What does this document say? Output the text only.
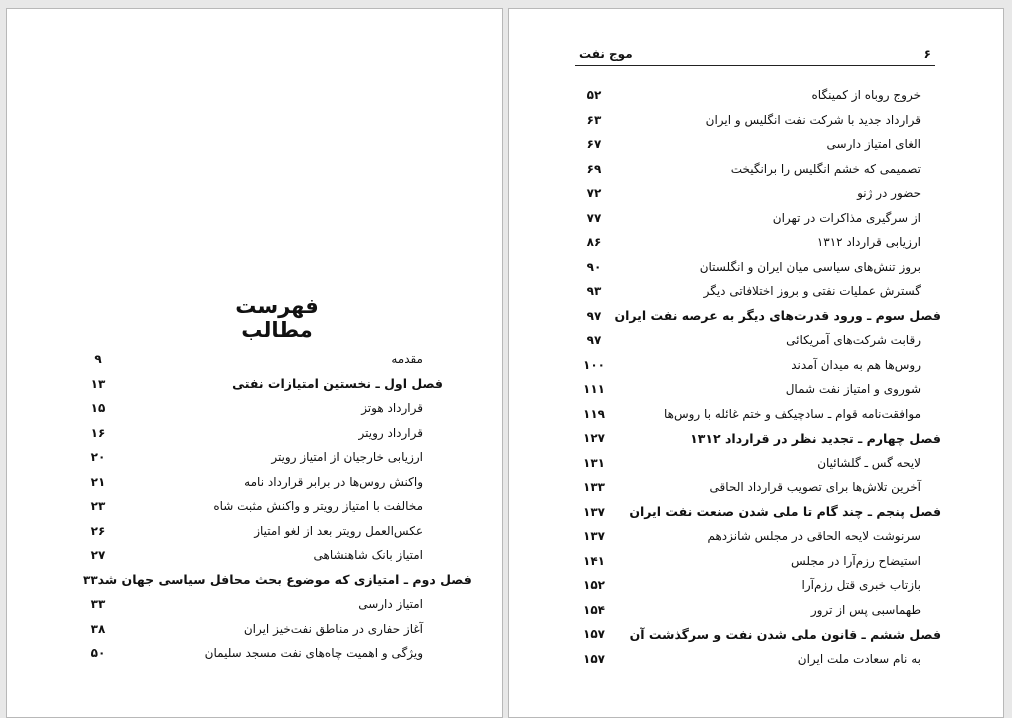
فهرست مطالب
۹	مقدمه
۱۳	فصل اول ـ نخستین امتیازات نفتی
۱۵	قرارداد هوتز
۱۶	قرارداد رویتر
۲۰	ارزیابی خارجیان از امتیاز رویتر
۲۱	واکنش روس‌ها در برابر قرارداد نامه
۲۳	مخالفت با امتیاز رویتر و واکنش مثبت شاه
۲۶	عکس‌العمل رویتر بعد از لغو امتیاز
۲۷	امتیاز بانک شاهنشاهی
۳۳ فصل دوم ـ امتیازی که موضوع بحث محافل سیاسی جهان شد
۳۳	امتیاز دارسی
۳۸	آغاز حفاری در مناطق نفت‌خیز ایران
۵۰	ویژگی و اهمیت چاه‌های نفت مسجد سلیمان
موج نفت	۶
۵۲	خروج روباه از کمینگاه
۶۳	قرارداد جدید با شرکت نفت انگلیس و ایران
۶۷	الغای امتیاز دارسی
۶۹	تصمیمی که خشم انگلیس را برانگیخت
۷۲	حضور در ژنو
۷۷	از سرگیری مذاکرات در تهران
۸۶	ارزیابی قرارداد ۱۳۱۲
۹۰	بروز تنش‌های سیاسی میان ایران و انگلستان
۹۳	گسترش عملیات نفتی و بروز اختلافاتی دیگر
۹۷	فصل سوم ـ ورود قدرت‌های دیگر به عرصه نفت ایران
۹۷	رقابت شرکت‌های آمریکائی
۱۰۰	روس‌ها هم به میدان آمدند
۱۱۱	شوروی و امتیاز نفت شمال
۱۱۹	موافقت‌نامه قوام ـ سادچیکف و ختم غائله با روس‌ها
۱۲۷	فصل چهارم ـ تجدید نظر در قرارداد ۱۳۱۲
۱۳۱	لایحه گس ـ گلشائیان
۱۳۳	آخرین تلاش‌ها برای تصویب قرارداد الحاقی
۱۳۷	فصل پنجم ـ چند گام تا ملی شدن صنعت نفت ایران
۱۳۷	سرنوشت لایحه الحاقی در مجلس شانزدهم
۱۴۱	استیضاح رزم‌آرا در مجلس
۱۵۲	بازتاب خبری قتل رزم‌آرا
۱۵۴	طهماسبی پس از ترور
۱۵۷	فصل ششم ـ قانون ملی شدن نفت و سرگذشت آن
۱۵۷	به نام سعادت ملت ایران
